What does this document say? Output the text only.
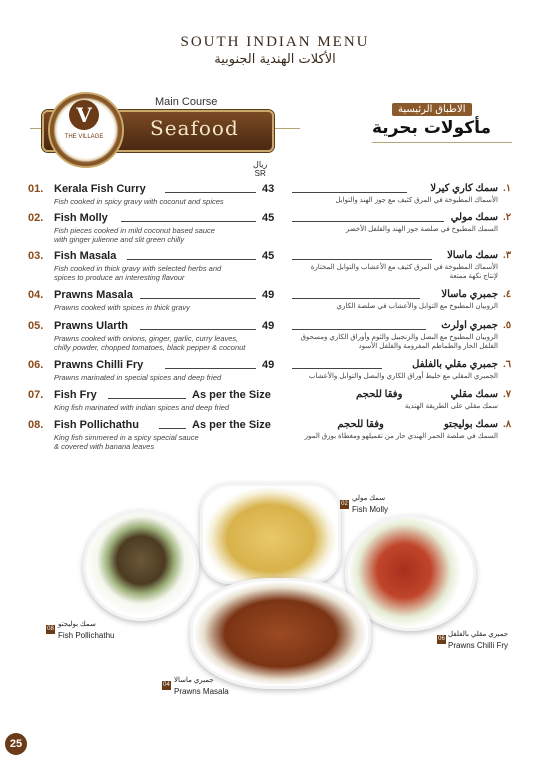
SOUTH INDIAN MENU
الأكلات الهندية الجنوبية
Main Course
Seafood
V
THE VILLAGE
الاطباق الرئيسية
مأكولات بحرية
ريال
SR
01. Kerala Fish Curry	43
Fish cooked in spicy gravy with coconut and spices
.١
سمك كاري كيرلا
الأسماك المطبوخة في المرق كثيف مع جوز الهند والتوابل
02. Fish Molly	45
Fish pieces cooked in mild coconut based sauce
with ginger julienne and slit green chilly
.٢
سمك مولي
السمك المطبوخ في صلصة جوز الهند والفلفل الأخضر
03. Fish Masala	45
Fish cooked in thick gravy with selected herbs and
spices to produce an interesting flavour
.٣
سمك ماسالا
الأسماك المطبوخة في المرق كثيف مع الأعشاب والتوابل المختارة لإنتاج نكهة ممتعة
04. Prawns Masala	49
Prawns cooked with spices in thick gravy
.٤
جمبري ماسالا
الروبيان المطبوخ مع التوابل والأعشاب في صلصة الكاري
05. Prawns Ularth	49
Prawns cooked with onions, ginger, garlic, curry leaves,
chilly powder, chopped tomatoes, black pepper & coconut
.٥
جمبري اولرث
الروبيان المطبوخ مع البصل والزنجبيل والثوم وأوراق الكاري ومسحوق الفلفل الحار والطماطم المفرومة والفلفل الأسود
06. Prawns Chilli Fry	49
Prawns marinated in special spices and deep fried
.٦
جمبري مقلي بالفلفل
الجمبري المقلي مع خليط أوراق الكاري والبصل والتوابل والأعشاب
07. Fish Fry	As per the Size
King fish marinated with indian spices and deep fried
.٧
سمك مقلي
وفقا للحجم
سمك مقلي على الطريقة الهندية
08. Fish Pollichathu	As per the Size
King fish simmered in a spicy special sauce
& covered with banana leaves
.٨
سمك بوليجتو
وفقا للحجم
السمك في صلصة الحمر الهندي حار من تقميلهو ومغطاة بورق الموز
سمك مولي
02
Fish Molly
سمك بوليجتو
08
Fish Pollichathu	جمبري مقلي بالفلفل
06
Prawns Chilli Fry
جمبري ماسالا
04
Prawns Masala
25
